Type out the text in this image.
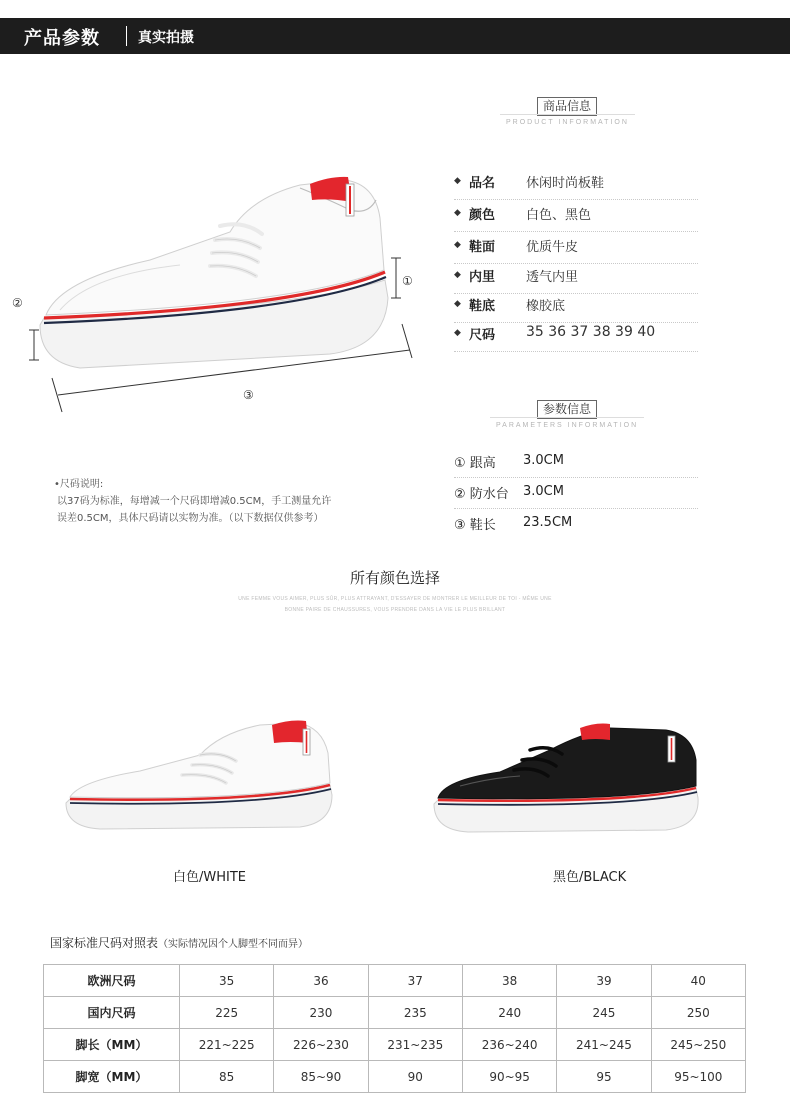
产品参数	真实拍摄
①
②
③
商品信息
PRODUCT INFORMATION
◆ 品名 休闲时尚板鞋
◆ 颜色 白色、黑色
◆ 鞋面 优质牛皮
◆ 内里 透气内里
◆ 鞋底 橡胶底
◆ 尺码 35 36 37 38 39 40
参数信息
PARAMETERS INFORMATION
① 跟高 3.0CM
② 防水台 3.0CM
③ 鞋长 23.5CM
•尺码说明:
以37码为标准，每增减一个尺码即增减0.5CM，手工测量允许
误差0.5CM，具体尺码请以实物为准。（以下数据仅供参考）
所有颜色选择
UNE FEMME VOUS AIMER, PLUS SÛR, PLUS ATTRAYANT, D'ESSAYER DE MONTRER LE MEILLEUR DE TOI - MÊME UNE
BONNE PAIRE DE CHAUSSURES, VOUS PRENDRE DANS LA VIE LE PLUS BRILLANT
白色/WHITE	黑色/BLACK
国家标准尺码对照表（实际情况因个人脚型不同而异）
欧洲尺码	35	36	37	38	39	40
国内尺码	225	230	235	240	245	250
脚长（MM）	221~225	226~230	231~235	236~240	241~245	245~250
脚宽（MM）	85	85~90	90	90~95	95	95~100
